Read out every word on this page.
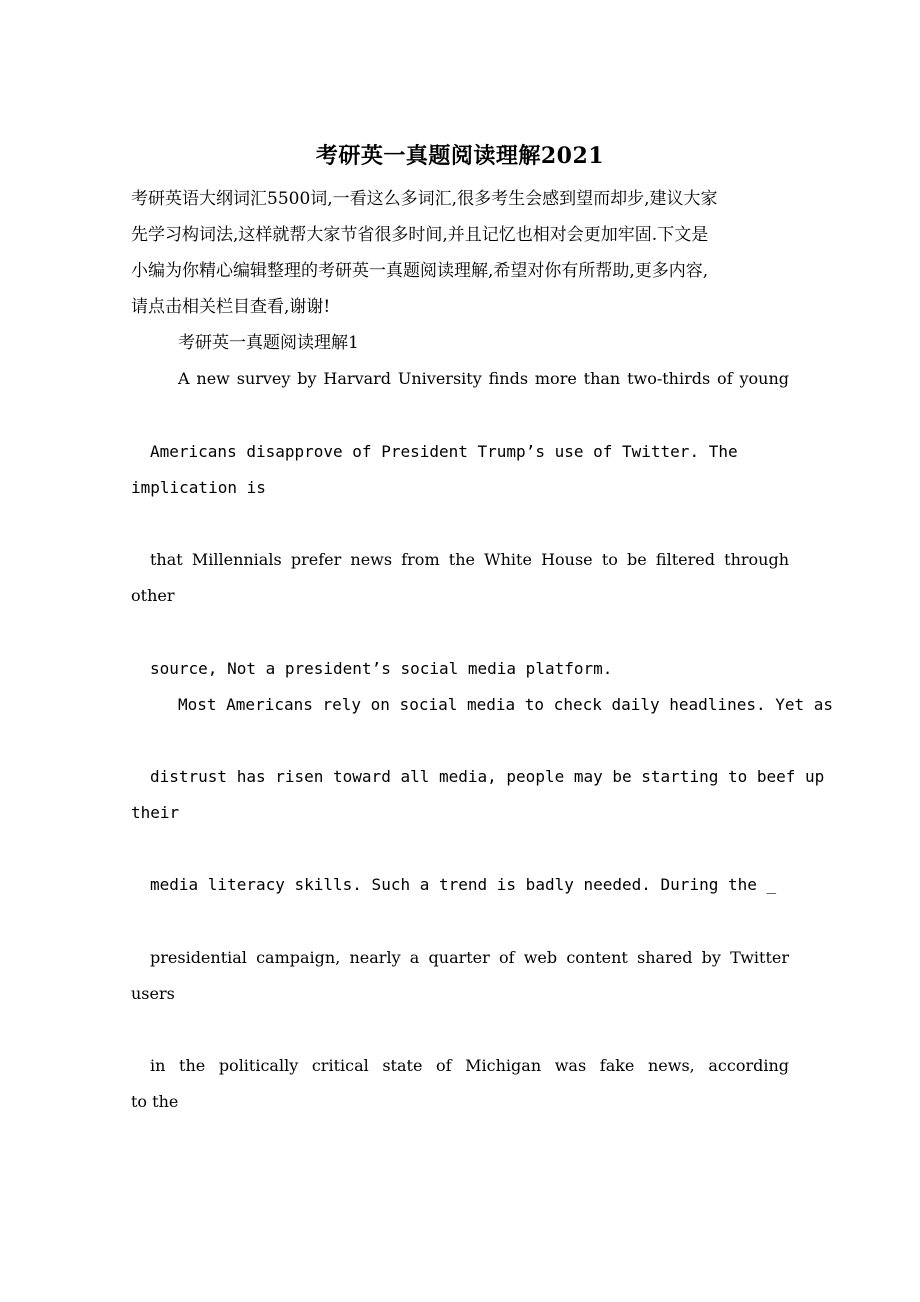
考研英一真题阅读理解2021
考研英语大纲词汇5500词,一看这么多词汇,很多考生会感到望而却步,建议大家
先学习构词法,这样就帮大家节省很多时间,并且记忆也相对会更加牢固.下文是
小编为你精心编辑整理的考研英一真题阅读理解,希望对你有所帮助,更多内容,
请点击相关栏目查看,谢谢!
考研英一真题阅读理解1
A new survey by Harvard University finds more than two-thirds of young
Americans disapprove of President Trump’s use of Twitter. The
implication is
that Millennials prefer news from the White House to be filtered through
other
source, Not a president’s social media platform.
Most Americans rely on social media to check daily headlines. Yet as
distrust has risen toward all media, people may be starting to beef up
their
media literacy skills. Such a trend is badly needed. During the _
presidential campaign, nearly a quarter of web content shared by Twitter
users
in the politically critical state of Michigan was fake news, according
to the
